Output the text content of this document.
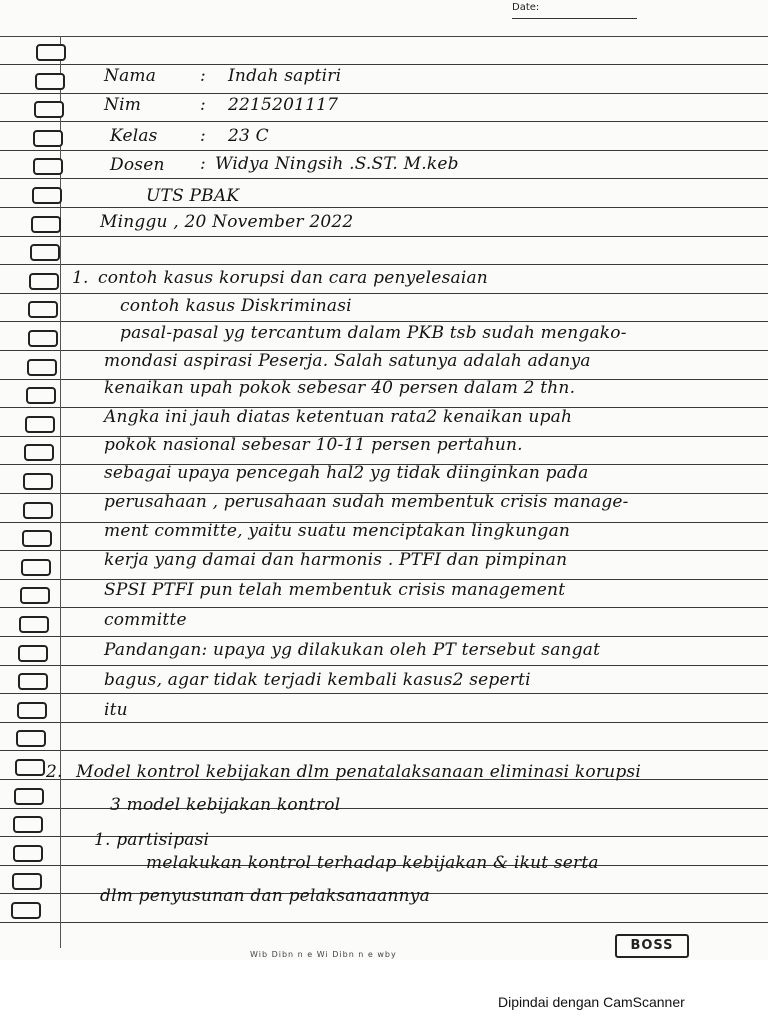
Date:
Nama	: Indah saptiri
Nim	: 2215201117
Kelas : 23 C
Dosen : Widya Ningsih .S.ST. M.keb
UTS PBAK
Minggu , 20 November 2022
1. contoh kasus korupsi dan cara penyelesaian
contoh kasus Diskriminasi
pasal-pasal yg tercantum dalam PKB tsb sudah mengako-
mondasi aspirasi Peserja. Salah satunya adalah adanya
kenaikan upah pokok sebesar 40 persen dalam 2 thn.
Angka ini jauh diatas ketentuan rata2 kenaikan upah
pokok nasional sebesar 10-11 persen pertahun.
sebagai upaya pencegah hal2 yg tidak diinginkan pada
perusahaan , perusahaan sudah membentuk crisis manage-
ment committe, yaitu suatu menciptakan lingkungan
kerja yang damai dan harmonis . PTFI dan pimpinan
SPSI PTFI pun telah membentuk crisis management
committe
Pandangan: upaya yg dilakukan oleh PT tersebut sangat
bagus, agar tidak terjadi kembali kasus2 seperti
itu
2. Model kontrol kebijakan dlm penatalaksanaan eliminasi korupsi
3 model kebijakan kontrol
1. partisipasi
melakukan kontrol terhadap kebijakan & ikut serta
dlm penyusunan dan pelaksanaannya
Wib Dibn n e Wi Dibn n e wby
BOSS
Dipindai dengan CamScanner
